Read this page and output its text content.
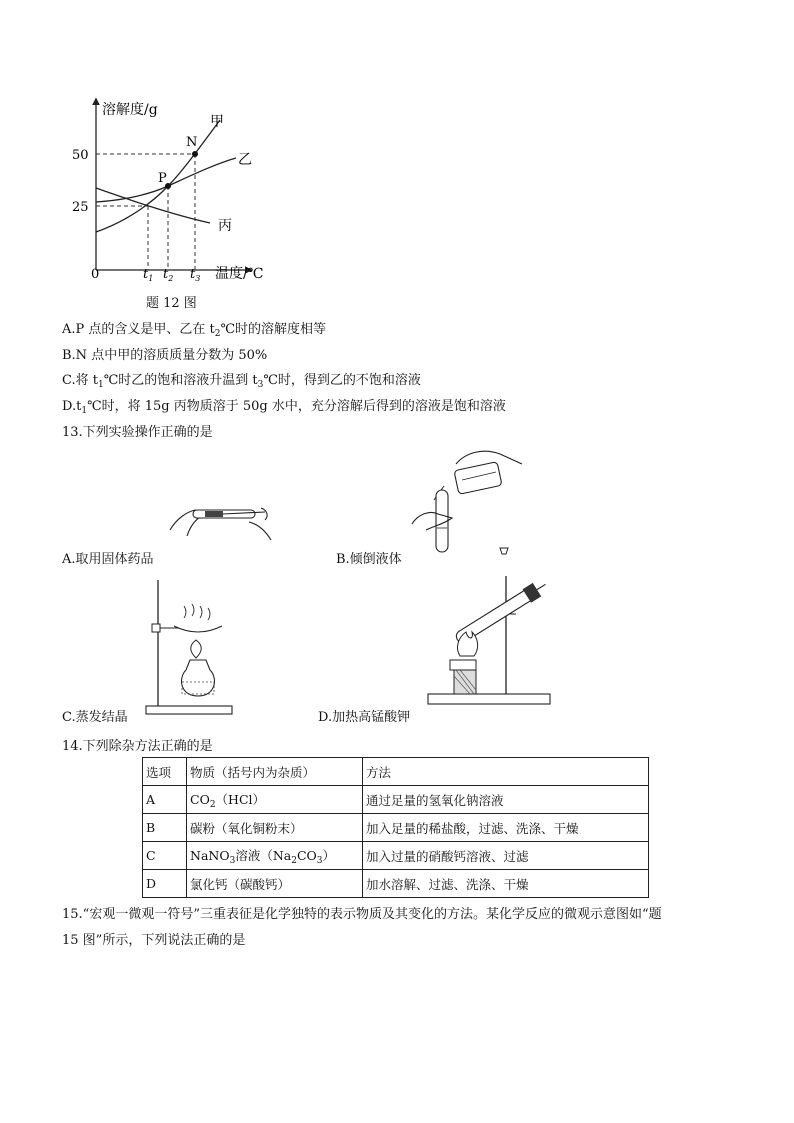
溶解度/g
温度/℃
0
50
25
P
N
甲
乙
丙
$t_1$ $t_2$ $t_3$
题 12 图
A.P 点的含义是甲、乙在 $t_2℃$时的溶解度相等
B.N 点中甲的溶质质量分数为 50%
C.将 $t_1℃$时乙的饱和溶液升温到 $t_3℃$时，得到乙的不饱和溶液
$D.t_1℃$时，将 15g 丙物质溶于 50g 水中，充分溶解后得到的溶液是饱和溶液
13.下列实验操作正确的是
A.取用固体药品	B.倾倒液体
C.蒸发结晶	D.加热高锰酸钾
14.下列除杂方法正确的是
选项	物质（括号内为杂质）	方法
A	$CO_2(HCl)$	通过足量的氢氧化钠溶液
B	碳粉（氧化铜粉末）	加入足量的稀盐酸，过滤、洗涤、干燥
C	NaNO$_3$溶液$(Na_2CO_3)$	加入过量的硝酸钙溶液、过滤
D	氯化钙（碳酸钙）	加水溶解、过滤、洗涤、干燥
15.“宏观一微观一符号”三重表征是化学独特的表示物质及其变化的方法。某化学反应的微观示意图如“题
15 图”所示，下列说法正确的是
